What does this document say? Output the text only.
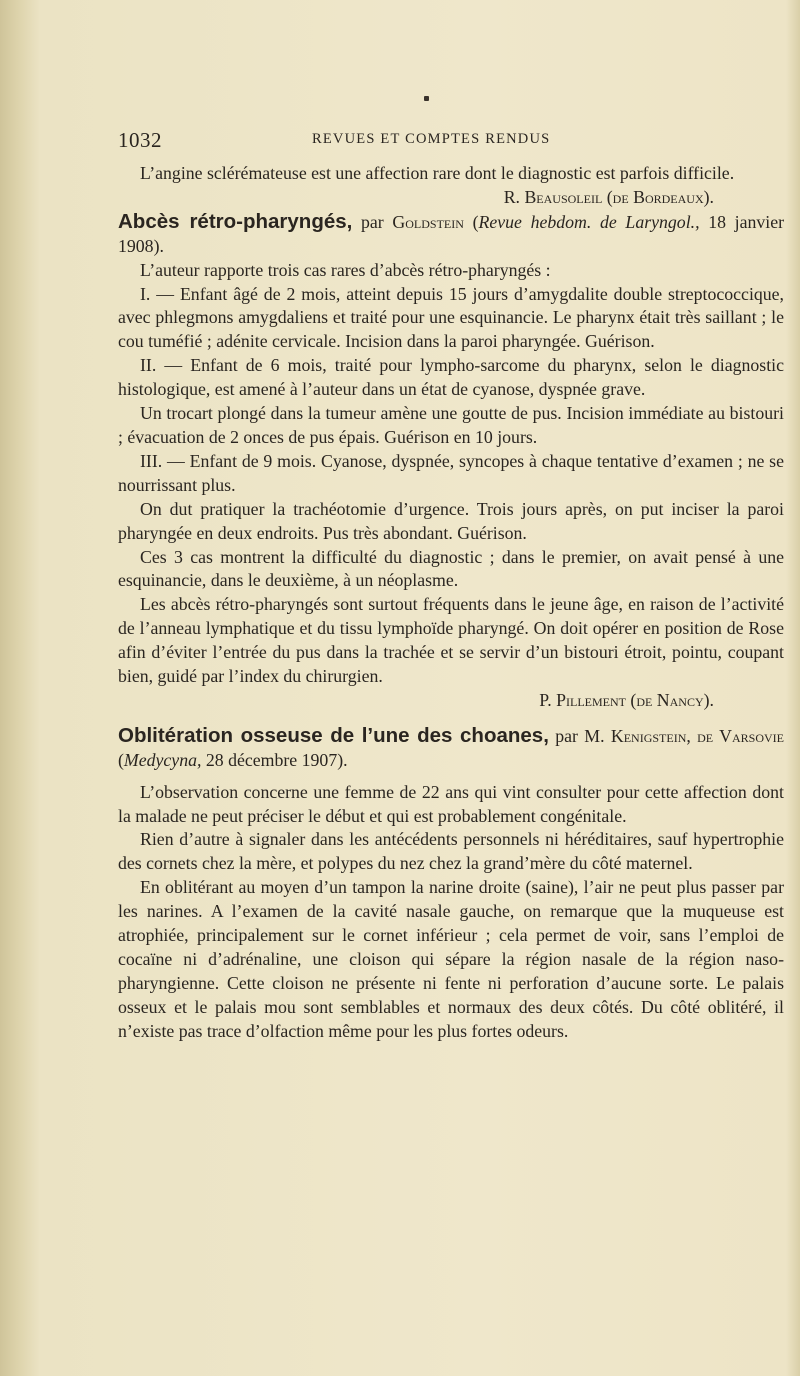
1032	REVUES ET COMPTES RENDUS

L’angine sclérémateuse est une affection rare dont le diagnostic est parfois difficile.

R. Beausoleil (de Bordeaux).

Abcès rétro-pharyngés, par Goldstein (Revue hebdom. de Laryngol., 18 janvier 1908).

L’auteur rapporte trois cas rares d’abcès rétro-pharyngés :

I. — Enfant âgé de 2 mois, atteint depuis 15 jours d’amygdalite double streptococcique, avec phlegmons amygdaliens et traité pour une esquinancie. Le pharynx était très saillant ; le cou tuméfié ; adénite cervicale. Incision dans la paroi pharyngée. Guérison.

II. — Enfant de 6 mois, traité pour lympho-sarcome du pharynx, selon le diagnostic histologique, est amené à l’auteur dans un état de cyanose, dyspnée grave.

Un trocart plongé dans la tumeur amène une goutte de pus. Incision immédiate au bistouri ; évacuation de 2 onces de pus épais. Guérison en 10 jours.

III. — Enfant de 9 mois. Cyanose, dyspnée, syncopes à chaque tentative d’examen ; ne se nourrissant plus.

On dut pratiquer la trachéotomie d’urgence. Trois jours après, on put inciser la paroi pharyngée en deux endroits. Pus très abondant. Guérison.

Ces 3 cas montrent la difficulté du diagnostic ; dans le premier, on avait pensé à une esquinancie, dans le deuxième, à un néoplasme.

Les abcès rétro-pharyngés sont surtout fréquents dans le jeune âge, en raison de l’activité de l’anneau lymphatique et du tissu lymphoïde pharyngé. On doit opérer en position de Rose afin d’éviter l’entrée du pus dans la trachée et se servir d’un bistouri étroit, pointu, coupant bien, guidé par l’index du chirurgien.

P. Pillement (de Nancy).

Oblitération osseuse de l’une des choanes, par M. Kenigstein, de Varsovie (Medycyna, 28 décembre 1907).

L’observation concerne une femme de 22 ans qui vint consulter pour cette affection dont la malade ne peut préciser le début et qui est probablement congénitale.

Rien d’autre à signaler dans les antécédents personnels ni héréditaires, sauf hypertrophie des cornets chez la mère, et polypes du nez chez la grand’mère du côté maternel.

En oblitérant au moyen d’un tampon la narine droite (saine), l’air ne peut plus passer par les narines. A l’examen de la cavité nasale gauche, on remarque que la muqueuse est atrophiée, principalement sur le cornet inférieur ; cela permet de voir, sans l’emploi de cocaïne ni d’adrénaline, une cloison qui sépare la région nasale de la région naso-pharyngienne. Cette cloison ne présente ni fente ni perforation d’aucune sorte. Le palais osseux et le palais mou sont semblables et normaux des deux côtés. Du côté oblitéré, il n’existe pas trace d’olfaction même pour les plus fortes odeurs.
